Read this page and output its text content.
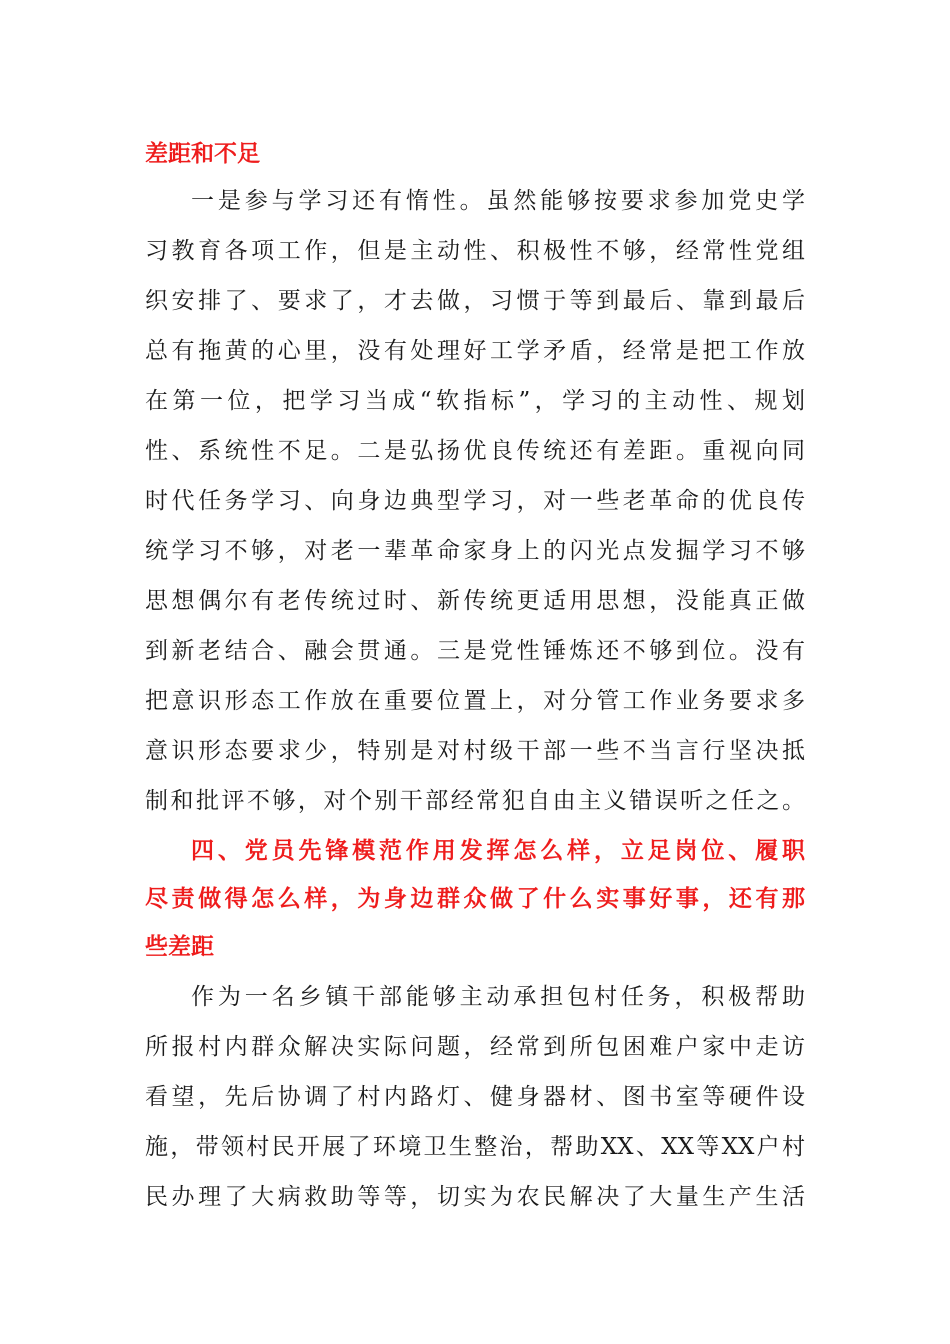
差距和不足
一是参与学习还有惰性。虽然能够按要求参加党史学
习教育各项工作，但是主动性、积极性不够，经常性党组
织安排了、要求了，才去做，习惯于等到最后、靠到最后
总有拖黄的心里，没有处理好工学矛盾，经常是把工作放
在第一位，把学习当成“软指标”，学习的主动性、规划
性、系统性不足。二是弘扬优良传统还有差距。重视向同
时代任务学习、向身边典型学习，对一些老革命的优良传
统学习不够，对老一辈革命家身上的闪光点发掘学习不够
思想偶尔有老传统过时、新传统更适用思想，没能真正做
到新老结合、融会贯通。三是党性锤炼还不够到位。没有
把意识形态工作放在重要位置上，对分管工作业务要求多
意识形态要求少，特别是对村级干部一些不当言行坚决抵
制和批评不够，对个别干部经常犯自由主义错误听之任之。
四、党员先锋模范作用发挥怎么样，立足岗位、履职
尽责做得怎么样，为身边群众做了什么实事好事，还有那
些差距
作为一名乡镇干部能够主动承担包村任务，积极帮助
所报村内群众解决实际问题，经常到所包困难户家中走访
看望，先后协调了村内路灯、健身器材、图书室等硬件设
施，带领村民开展了环境卫生整治，帮助XX、XX等XX户村
民办理了大病救助等等，切实为农民解决了大量生产生活
